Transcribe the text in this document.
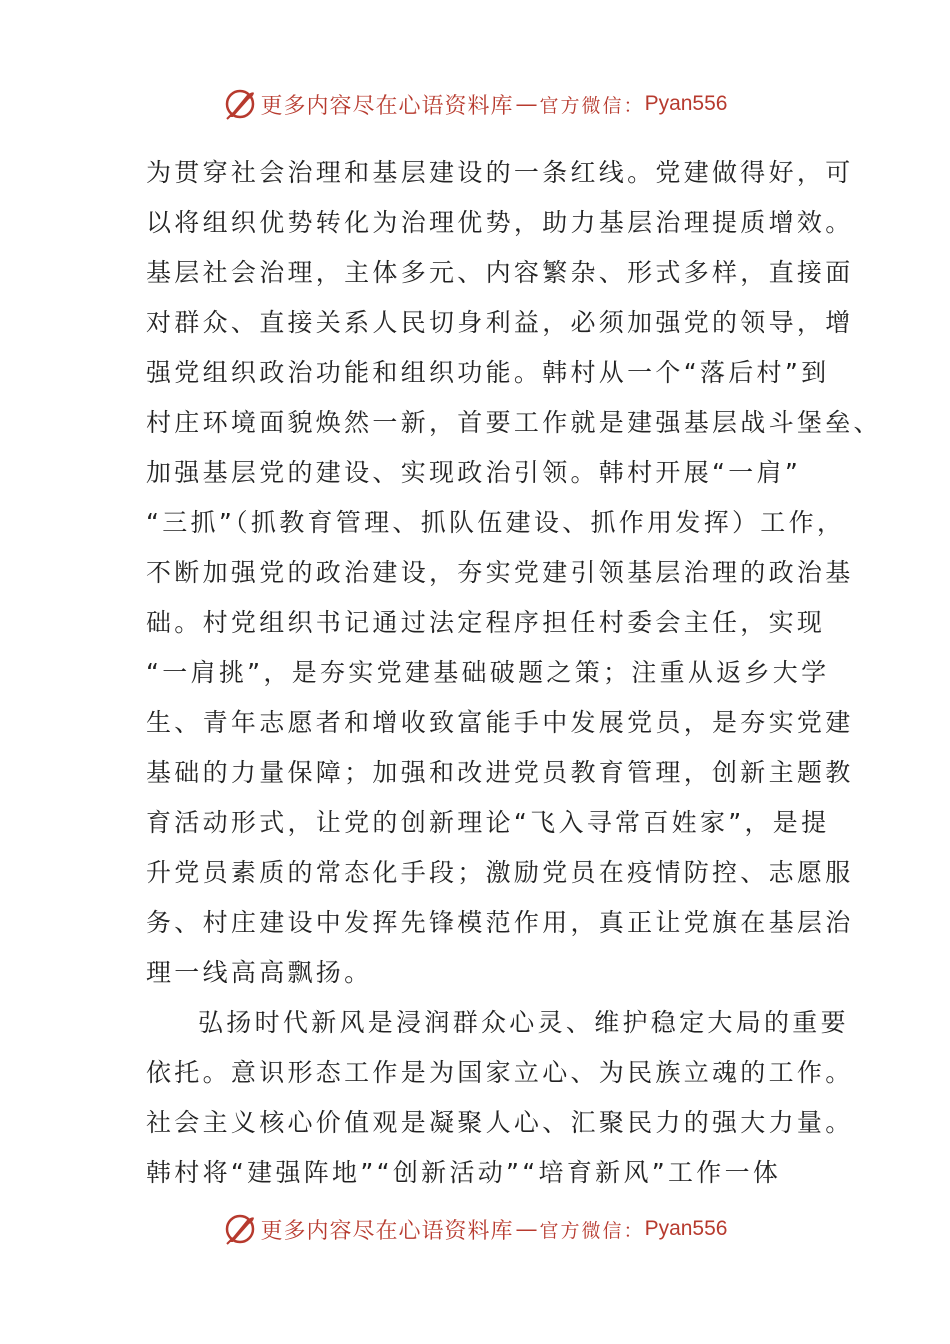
更多内容尽在心语资料库 — 官方微信： Pyan556
为贯穿社会治理和基层建设的一条红线。党建做得好，可
以将组织优势转化为治理优势，助力基层治理提质增效。
基层社会治理，主体多元、内容繁杂、形式多样，直接面
对群众、直接关系人民切身利益，必须加强党的领导，增
强党组织政治功能和组织功能。韩村从一个“落后村”到
村庄环境面貌焕然一新，首要工作就是建强基层战斗堡垒、
加强基层党的建设、实现政治引领。韩村开展“一肩”
“三抓”（抓教育管理、抓队伍建设、抓作用发挥）工作，
不断加强党的政治建设，夯实党建引领基层治理的政治基
础。村党组织书记通过法定程序担任村委会主任，实现
“一肩挑”，是夯实党建基础破题之策；注重从返乡大学
生、青年志愿者和增收致富能手中发展党员，是夯实党建
基础的力量保障；加强和改进党员教育管理，创新主题教
育活动形式，让党的创新理论“飞入寻常百姓家”，是提
升党员素质的常态化手段；激励党员在疫情防控、志愿服
务、村庄建设中发挥先锋模范作用，真正让党旗在基层治
理一线高高飘扬。
弘扬时代新风是浸润群众心灵、维护稳定大局的重要
依托。意识形态工作是为国家立心、为民族立魂的工作。
社会主义核心价值观是凝聚人心、汇聚民力的强大力量。
韩村将“建强阵地”“创新活动”“培育新风”工作一体
更多内容尽在心语资料库 — 官方微信： Pyan556
